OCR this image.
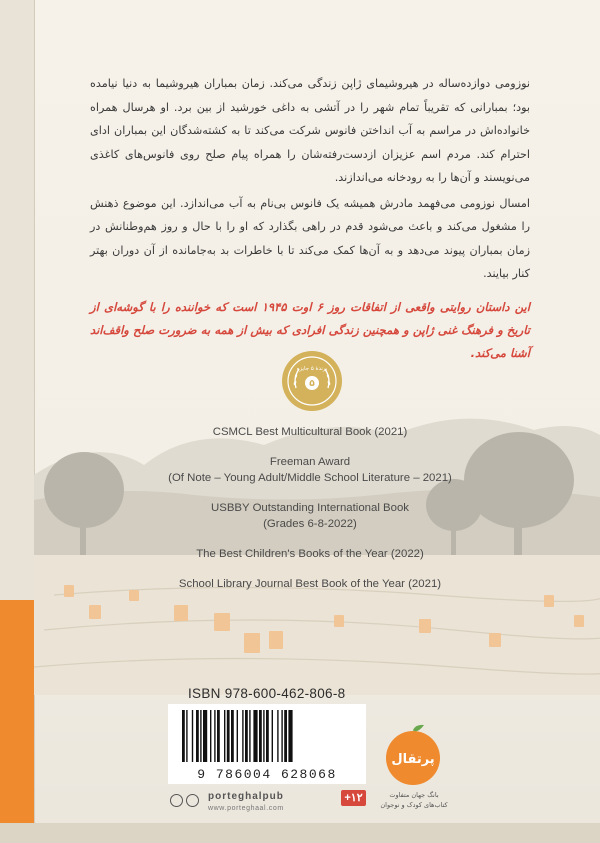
نوزومی دوازده‌ساله در هیروشیمای ژاپن زندگی می‌کند. زمان بمباران هیروشیما به دنیا نیامده بود؛ بمبارانی که تقریباً تمام شهر را در آتشی به داغی خورشید از بین برد. او هرسال همراه خانواده‌اش در مراسم به آب انداختن فانوس شرکت می‌کند تا به کشته‌شدگان این بمباران ادای احترام کند. مردم اسم عزیزان ازدست‌رفته‌شان را همراه پیام صلح روی فانوس‌های کاغذی می‌نویسند و آن‌ها را به رودخانه می‌اندازند.

امسال نوزومی می‌فهمد مادرش همیشه یک فانوس بی‌نام به آب می‌اندازد. این موضوع ذهنش را مشغول می‌کند و باعث می‌شود قدم در راهی بگذارد که او را با حال و روز هم‌وطنانش در زمان بمباران پیوند می‌دهد و به آن‌ها کمک می‌کند تا با خاطرات بد به‌جامانده از آن دوران بهتر کنار بیایند.

این داستان روایتی واقعی از اتفاقات روز ۶ اوت ۱۹۴۵ است که خواننده را با گوشه‌ای از تاریخ و فرهنگ غنی ژاپن و همچنین زندگی افرادی که بیش از همه به ضرورت صلح واقف‌اند آشنا می‌کند.
برندهٔ ۵ جایزه
۵
CSMCL Best Multicultural Book (2021)
Freeman Award
(Of Note – Young Adult/Middle School Literature – 2021)
USBBY Outstanding International Book
(Grades 6-8-2022)
The Best Children's Books of the Year (2022)
School Library Journal Best Book of the Year (2021)
ISBN 978-600-462-806-8
9 786004 628068
porteghalpub
www.porteghaal.com
+۱۲
پرتقال
بانگ جهان متفاوت
کتاب‌های کودک و نوجوان
